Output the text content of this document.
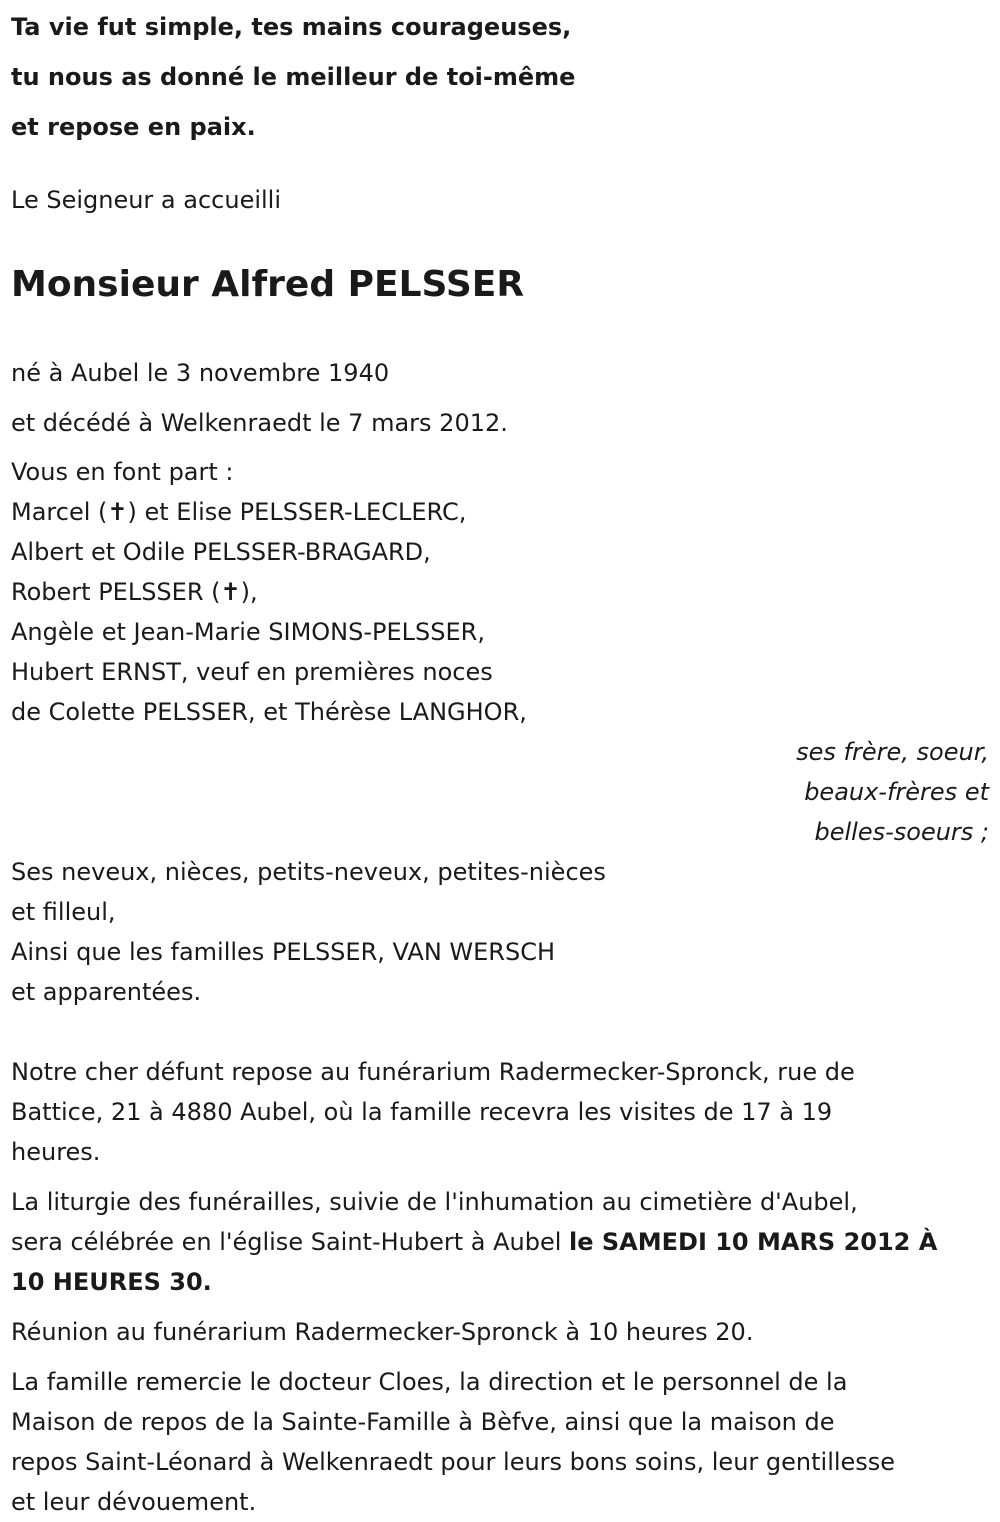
Ta vie fut simple, tes mains courageuses,
tu nous as donné le meilleur de toi-même
et repose en paix.
Le Seigneur a accueilli
Monsieur Alfred PELSSER
né à Aubel le 3 novembre 1940
et décédé à Welkenraedt le 7 mars 2012.
Vous en font part :
Marcel (✝) et Elise PELSSER-LECLERC,
Albert et Odile PELSSER-BRAGARD,
Robert PELSSER (✝),
Angèle et Jean-Marie SIMONS-PELSSER,
Hubert ERNST, veuf en premières noces
de Colette PELSSER, et Thérèse LANGHOR,
ses frère, soeur,
beaux-frères et
belles-soeurs ;
Ses neveux, nièces, petits-neveux, petites-nièces
et filleul,
Ainsi que les familles PELSSER, VAN WERSCH
et apparentées.
Notre cher défunt repose au funérarium Radermecker-Spronck, rue de
Battice, 21 à 4880 Aubel, où la famille recevra les visites de 17 à 19
heures.
La liturgie des funérailles, suivie de l'inhumation au cimetière d'Aubel,
sera célébrée en l'église Saint-Hubert à Aubel le SAMEDI 10 MARS 2012 À
10 HEURES 30.
Réunion au funérarium Radermecker-Spronck à 10 heures 20.
La famille remercie le docteur Cloes, la direction et le personnel de la
Maison de repos de la Sainte-Famille à Bèfve, ainsi que la maison de
repos Saint-Léonard à Welkenraedt pour leurs bons soins, leur gentillesse
et leur dévouement.
